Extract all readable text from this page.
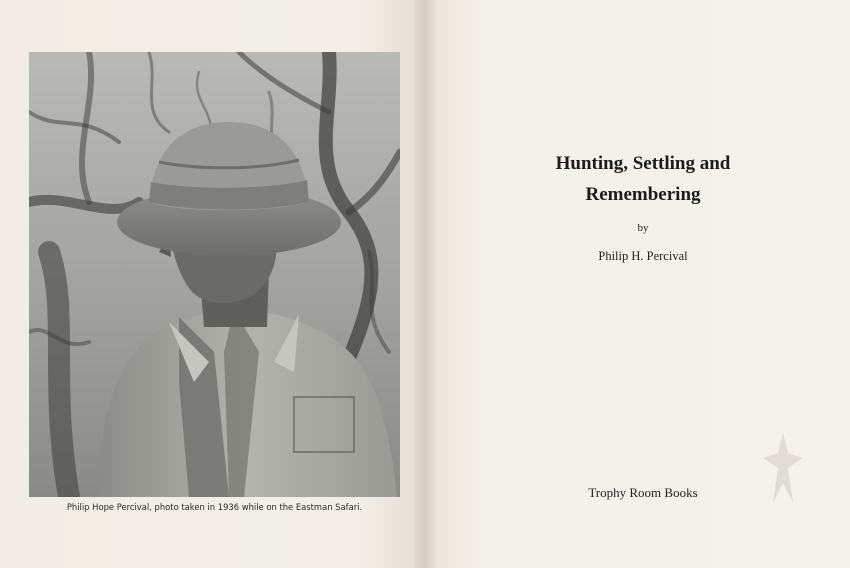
Philip Hope Percival, photo taken in 1936 while on the Eastman Safari.
Hunting, Settling and
Remembering
by
Philip H. Percival
Trophy Room Books
